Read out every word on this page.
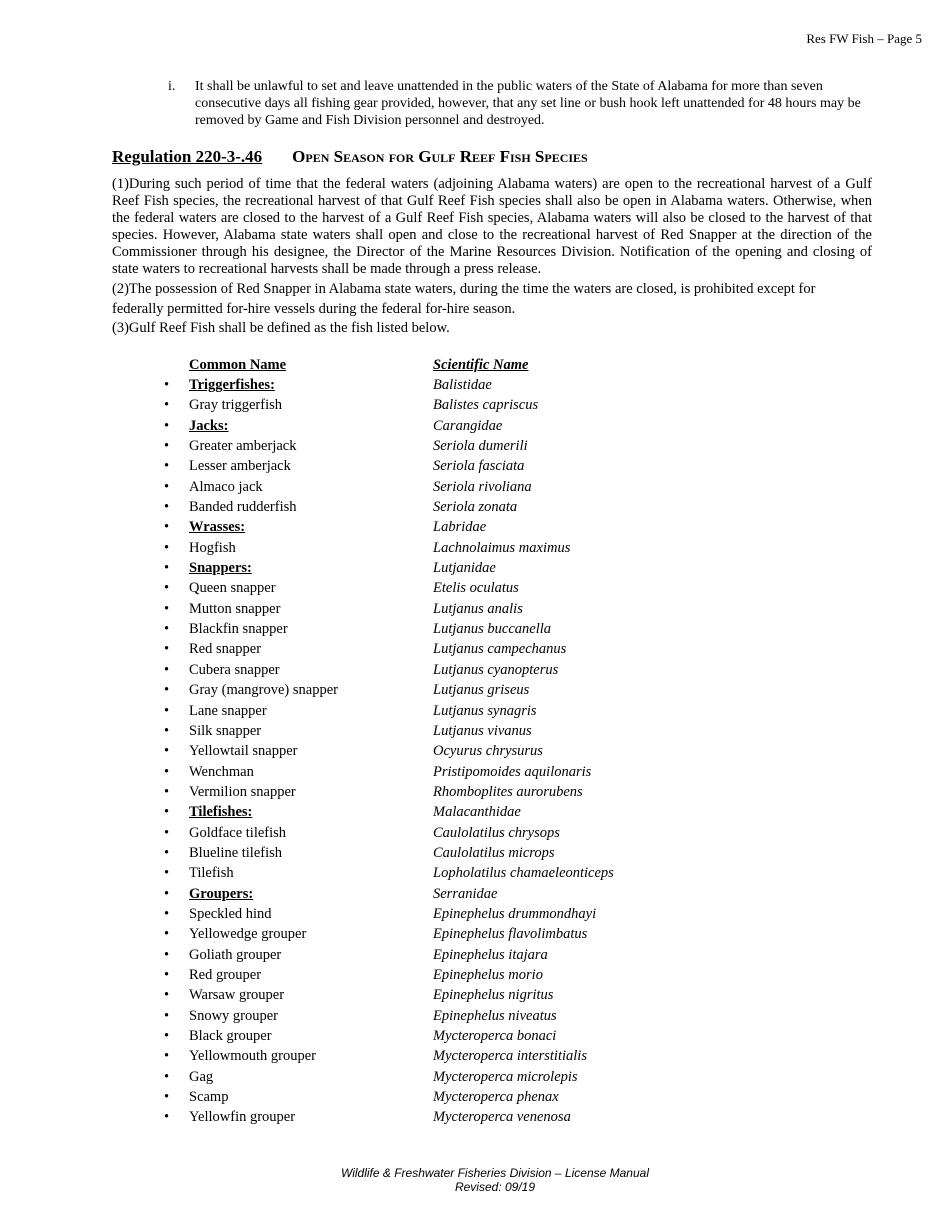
Res FW Fish – Page 5
i. It shall be unlawful to set and leave unattended in the public waters of the State of Alabama for more than seven consecutive days all fishing gear provided, however, that any set line or bush hook left unattended for 48 hours may be removed by Game and Fish Division personnel and destroyed.
Regulation 220-3-.46 Open Season for Gulf Reef Fish Species
(1)During such period of time that the federal waters (adjoining Alabama waters) are open to the recreational harvest of a Gulf Reef Fish species, the recreational harvest of that Gulf Reef Fish species shall also be open in Alabama waters. Otherwise, when the federal waters are closed to the harvest of a Gulf Reef Fish species, Alabama waters will also be closed to the harvest of that species. However, Alabama state waters shall open and close to the recreational harvest of Red Snapper at the direction of the Commissioner through his designee, the Director of the Marine Resources Division. Notification of the opening and closing of state waters to recreational harvests shall be made through a press release.
(2)The possession of Red Snapper in Alabama state waters, during the time the waters are closed, is prohibited except for federally permitted for-hire vessels during the federal for-hire season.
(3)Gulf Reef Fish shall be defined as the fish listed below.
Common Name	Scientific Name
•	Triggerfishes:	Balistidae
•	Gray triggerfish	Balistes capriscus
•	Jacks:	Carangidae
•	Greater amberjack	Seriola dumerili
•	Lesser amberjack	Seriola fasciata
•	Almaco jack	Seriola rivoliana
•	Banded rudderfish	Seriola zonata
•	Wrasses:	Labridae
•	Hogfish	Lachnolaimus maximus
•	Snappers:	Lutjanidae
•	Queen snapper	Etelis oculatus
•	Mutton snapper	Lutjanus analis
•	Blackfin snapper	Lutjanus buccanella
•	Red snapper	Lutjanus campechanus
•	Cubera snapper	Lutjanus cyanopterus
•	Gray (mangrove) snapper	Lutjanus griseus
•	Lane snapper	Lutjanus synagris
•	Silk snapper	Lutjanus vivanus
•	Yellowtail snapper	Ocyurus chrysurus
•	Wenchman	Pristipomoides aquilonaris
•	Vermilion snapper	Rhomboplites aurorubens
•	Tilefishes:	Malacanthidae
•	Goldface tilefish	Caulolatilus chrysops
•	Blueline tilefish	Caulolatilus microps
•	Tilefish	Lopholatilus chamaeleonticeps
•	Groupers:	Serranidae
•	Speckled hind	Epinephelus drummondhayi
•	Yellowedge grouper	Epinephelus flavolimbatus
•	Goliath grouper	Epinephelus itajara
•	Red grouper	Epinephelus morio
•	Warsaw grouper	Epinephelus nigritus
•	Snowy grouper	Epinephelus niveatus
•	Black grouper	Mycteroperca bonaci
•	Yellowmouth grouper	Mycteroperca interstitialis
•	Gag	Mycteroperca microlepis
•	Scamp	Mycteroperca phenax
•	Yellowfin grouper	Mycteroperca venenosa
Wildlife & Freshwater Fisheries Division – License Manual
Revised: 09/19
